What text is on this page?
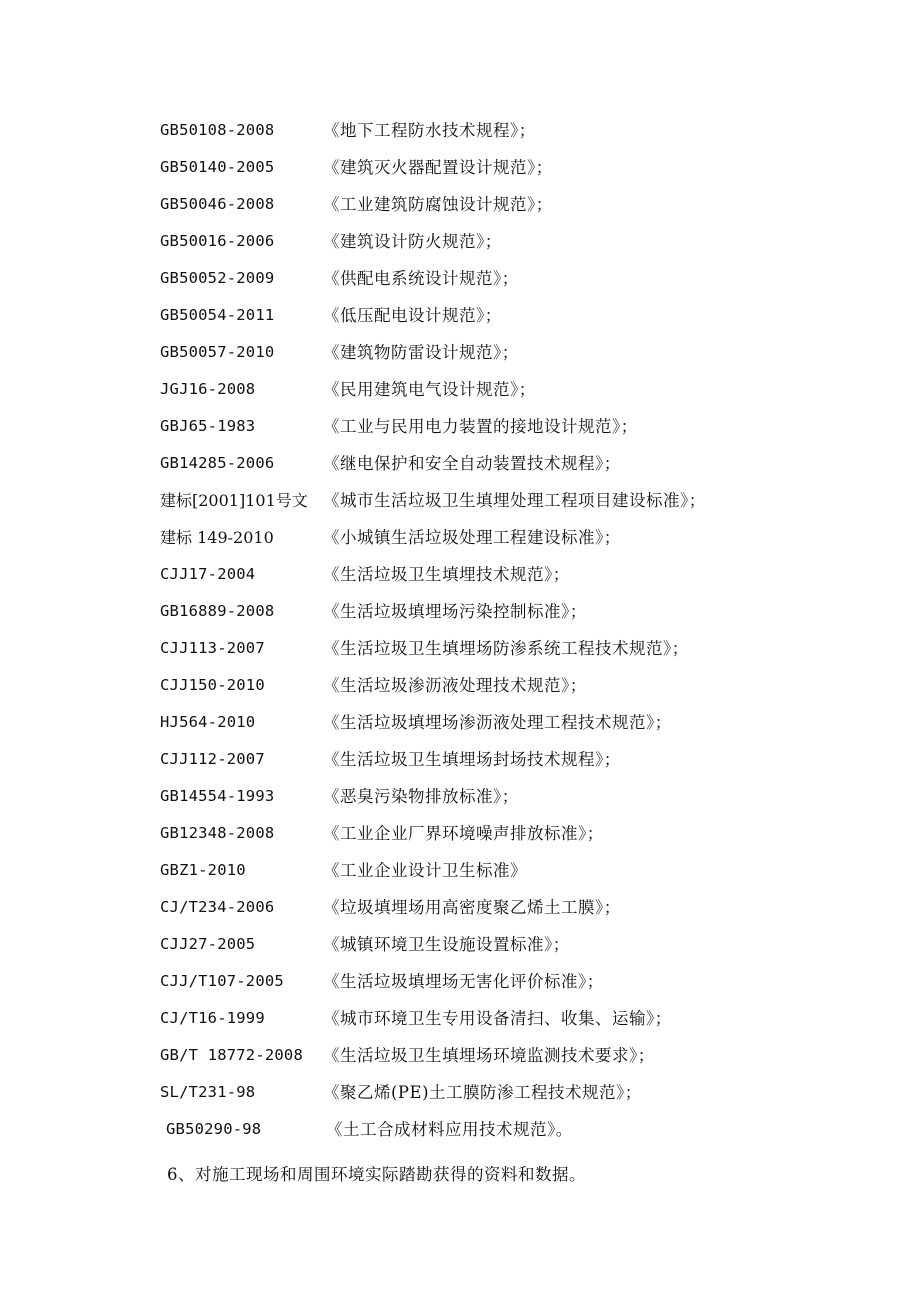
GB50108-2008	《地下工程防水技术规程》；
GB50140-2005	《建筑灭火器配置设计规范》；
GB50046-2008	《工业建筑防腐蚀设计规范》；
GB50016-2006	《建筑设计防火规范》；
GB50052-2009	《供配电系统设计规范》；
GB50054-2011	《低压配电设计规范》；
GB50057-2010	《建筑物防雷设计规范》；
JGJ16-2008	《民用建筑电气设计规范》；
GBJ65-1983	《工业与民用电力装置的接地设计规范》；
GB14285-2006	《继电保护和安全自动装置技术规程》；
建标[2001]101号文 《城市生活垃圾卫生填埋处理工程项目建设标准》；
建标 149-2010	《小城镇生活垃圾处理工程建设标准》；
CJJ17-2004	《生活垃圾卫生填埋技术规范》；
GB16889-2008	《生活垃圾填埋场污染控制标准》；
CJJ113-2007	《生活垃圾卫生填埋场防渗系统工程技术规范》；
CJJ150-2010	《生活垃圾渗沥液处理技术规范》；
HJ564-2010	《生活垃圾填埋场渗沥液处理工程技术规范》；
CJJ112-2007	《生活垃圾卫生填埋场封场技术规程》；
GB14554-1993	《恶臭污染物排放标准》；
GB12348-2008	《工业企业厂界环境噪声排放标准》；
GBZ1-2010	《工业企业设计卫生标准》
CJ/T234-2006	《垃圾填埋场用高密度聚乙烯土工膜》；
CJJ27-2005	《城镇环境卫生设施设置标准》；
CJJ/T107-2005 《生活垃圾填埋场无害化评价标准》；
CJ/T16-1999	《城市环境卫生专用设备清扫、收集、运输》；
GB/T 18772-2008 《生活垃圾卫生填埋场环境监测技术要求》；
SL/T231-98	《聚乙烯(PE)土工膜防渗工程技术规范》；
GB50290-98	《土工合成材料应用技术规范》。
6、对施工现场和周围环境实际踏勘获得的资料和数据。
